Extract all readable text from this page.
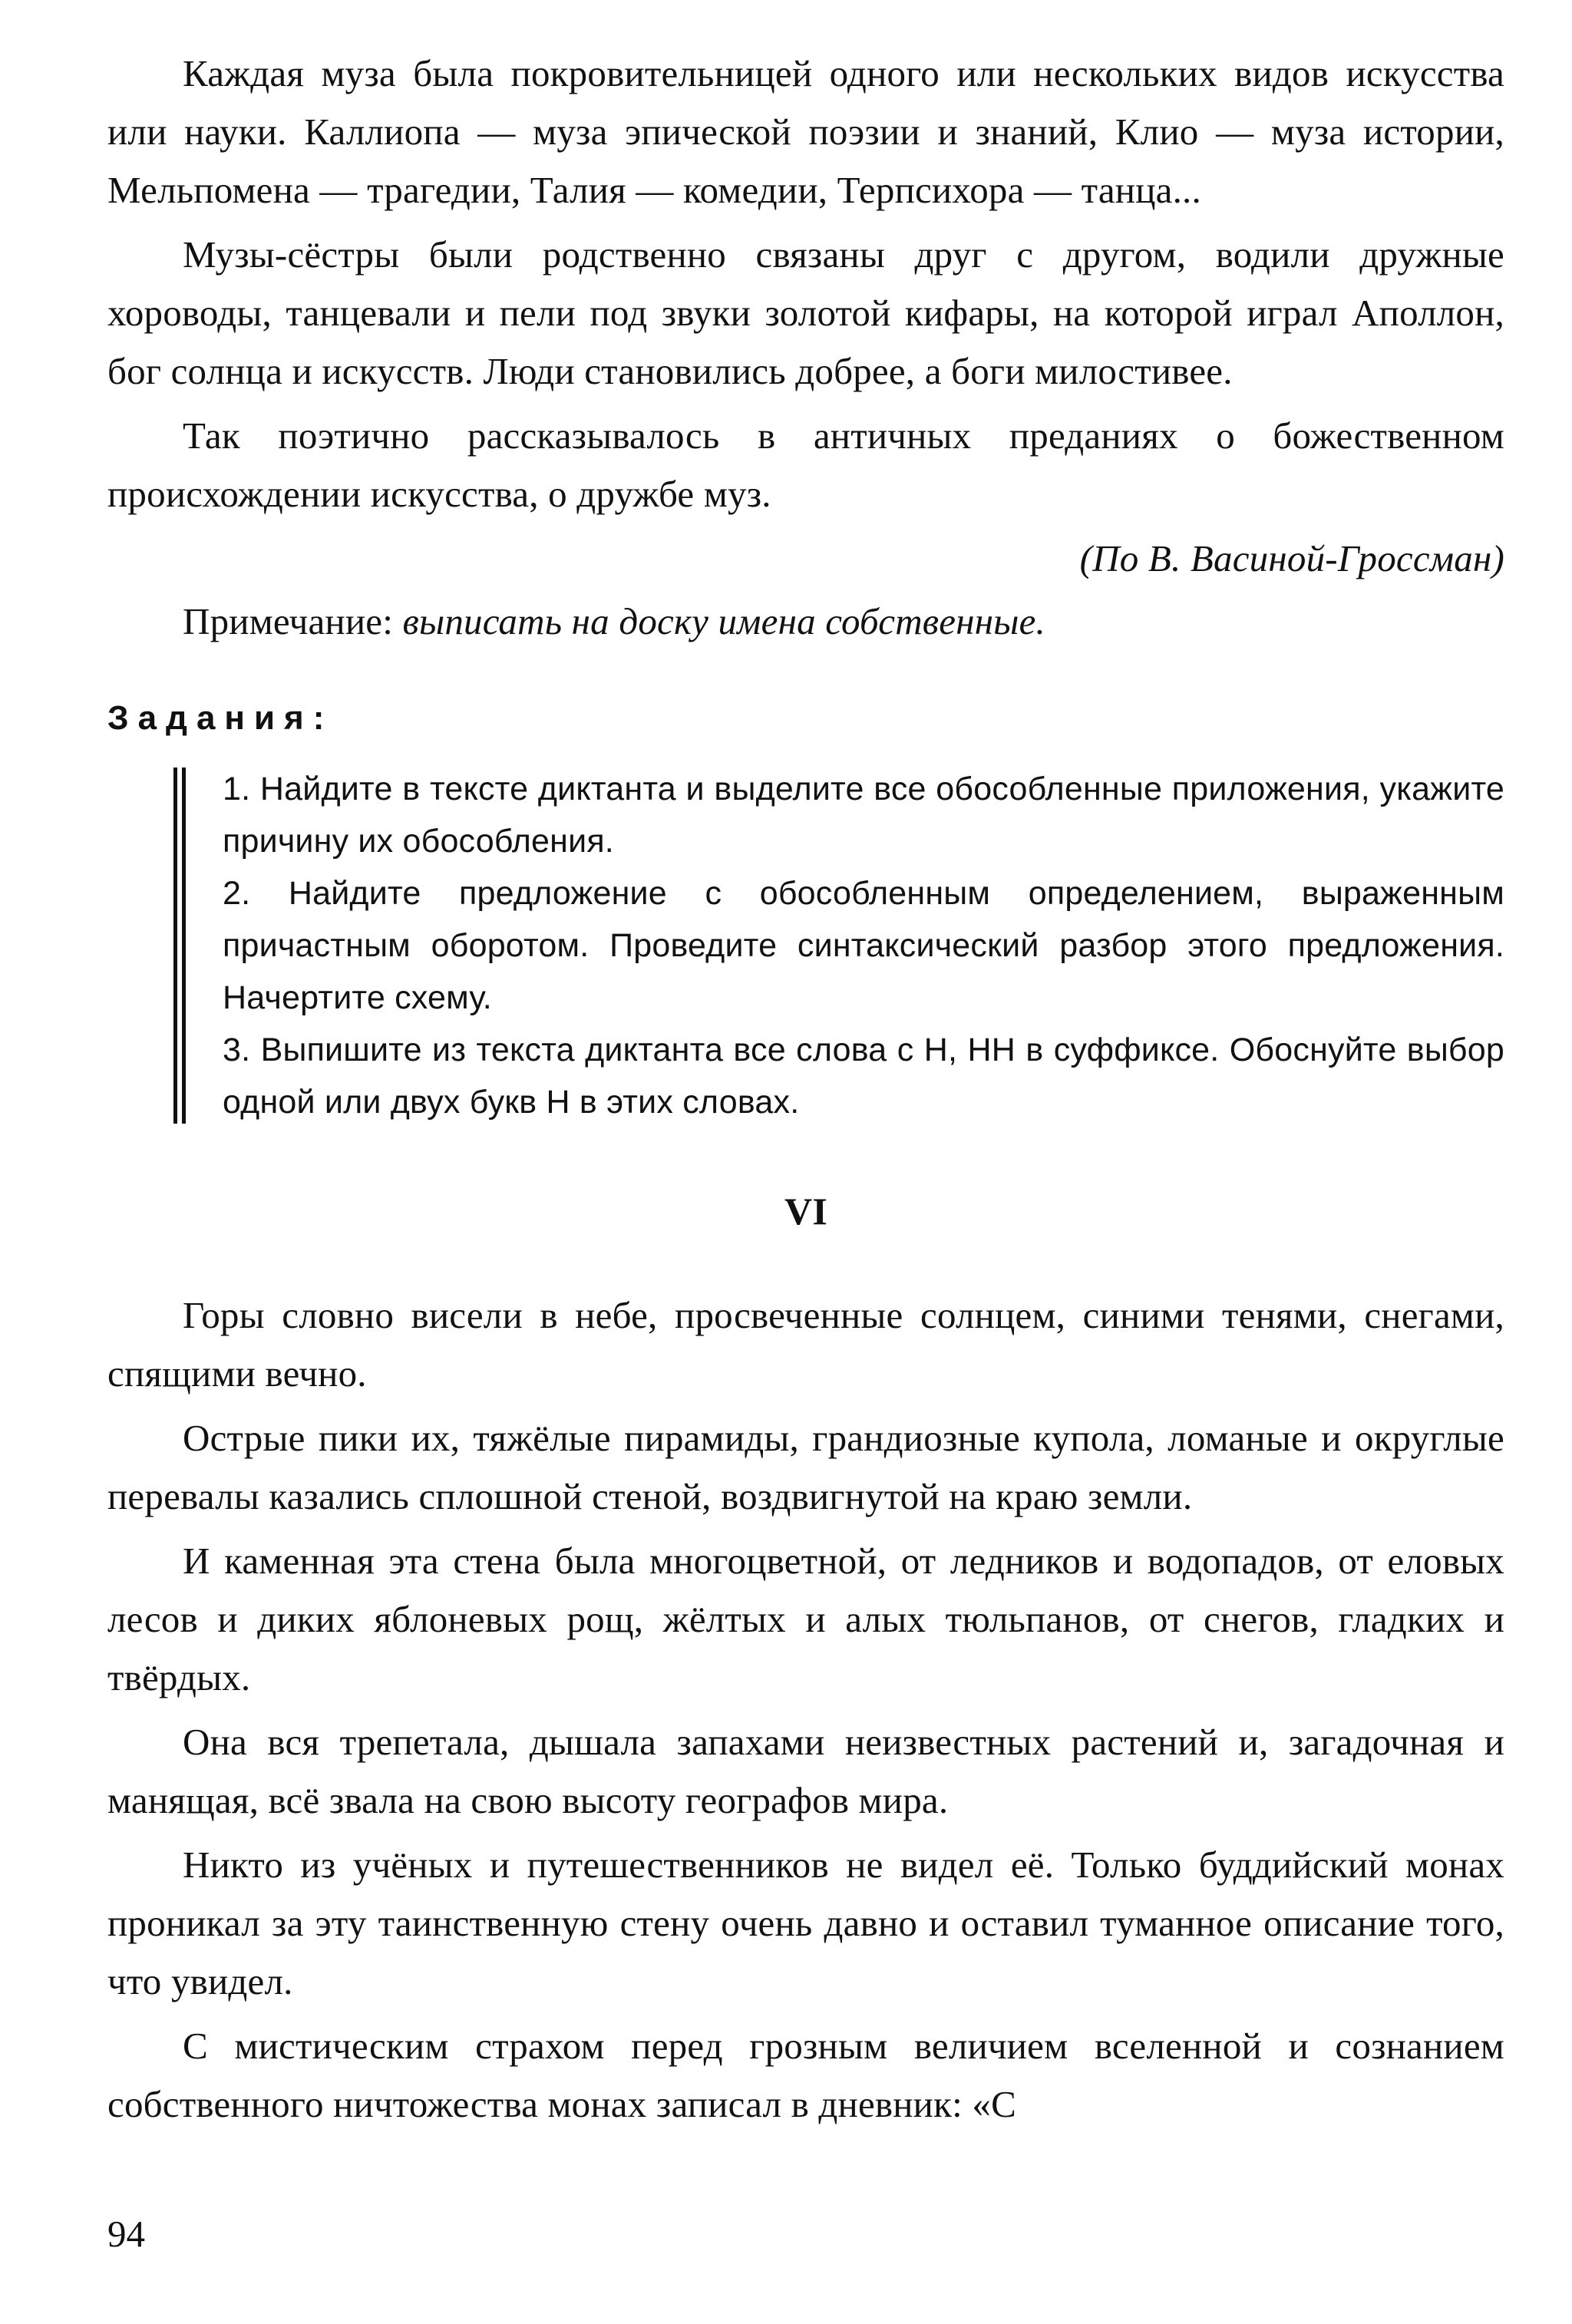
Каждая муза была покровительницей одного или нескольких видов искусства или науки. Каллиопа — муза эпической поэзии и знаний, Клио — муза истории, Мельпомена — трагедии, Талия — комедии, Терпсихора — танца...

Музы-сёстры были родственно связаны друг с другом, водили дружные хороводы, танцевали и пели под звуки золотой кифары, на которой играл Аполлон, бог солнца и искусств. Люди становились добрее, а боги милостивее.

Так поэтично рассказывалось в античных преданиях о божественном происхождении искусства, о дружбе муз.

(По В. Васиной-Гроссман)

Примечание: выписать на доску имена собственные.

Задания:

1. Найдите в тексте диктанта и выделите все обособленные приложения, укажите причину их обособления.

2. Найдите предложение с обособленным определением, выраженным причастным оборотом. Проведите синтаксический разбор этого предложения. Начертите схему.

3. Выпишите из текста диктанта все слова с Н, НН в суффиксе. Обоснуйте выбор одной или двух букв Н в этих словах.

VI

Горы словно висели в небе, просвеченные солнцем, синими тенями, снегами, спящими вечно.

Острые пики их, тяжёлые пирамиды, грандиозные купола, ломаные и округлые перевалы казались сплошной стеной, воздвигнутой на краю земли.

И каменная эта стена была многоцветной, от ледников и водопадов, от еловых лесов и диких яблоневых рощ, жёлтых и алых тюльпанов, от снегов, гладких и твёрдых.

Она вся трепетала, дышала запахами неизвестных растений и, загадочная и манящая, всё звала на свою высоту географов мира.

Никто из учёных и путешественников не видел её. Только буддийский монах проникал за эту таинственную стену очень давно и оставил туманное описание того, что увидел.

С мистическим страхом перед грозным величием вселенной и сознанием собственного ничтожества монах записал в дневник: «С

94
